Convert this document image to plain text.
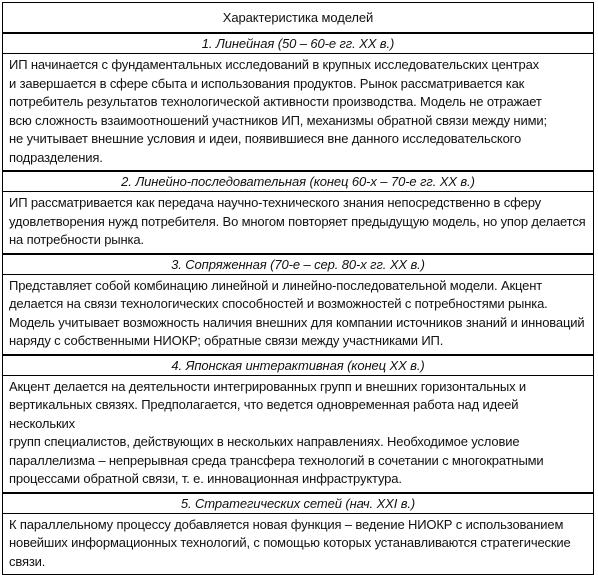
Характеристика моделей
1. Линейная (50 – 60-е гг. XX в.)
ИП начинается с фундаментальных исследований в крупных исследовательских центрах
и завершается в сфере сбыта и использования продуктов. Рынок рассматривается как
потребитель результатов технологической активности производства. Модель не отражает
всю сложность взаимоотношений участников ИП, механизмы обратной связи между ними;
не учитывает внешние условия и идеи, появившиеся вне данного исследовательского
подразделения.
2. Линейно-последовательная (конец 60-х – 70-е гг. XX в.)
ИП рассматривается как передача научно-технического знания непосредственно в сферу
удовлетворения нужд потребителя. Во многом повторяет предыдущую модель, но упор делается
на потребности рынка.
3. Сопряженная (70-е – сер. 80-х гг. XX в.)
Представляет собой комбинацию линейной и линейно-последовательной модели. Акцент
делается на связи технологических способностей и возможностей с потребностями рынка.
Модель учитывает возможность наличия внешних для компании источников знаний и инноваций
наряду с собственными НИОКР; обратные связи между участниками ИП.
4. Японская интерактивная (конец XX в.)
Акцент делается на деятельности интегрированных групп и внешних горизонтальных и
вертикальных связях. Предполагается, что ведется одновременная работа над идеей нескольких
групп специалистов, действующих в нескольких направлениях. Необходимое условие
параллелизма – непрерывная среда трансфера технологий в сочетании с многократными
процессами обратной связи, т. е. инновационная инфраструктура.
5. Стратегических сетей (нач. XXI в.)
К параллельному процессу добавляется новая функция – ведение НИОКР с использованием
новейших информационных технологий, с помощью которых устанавливаются стратегические
связи.
